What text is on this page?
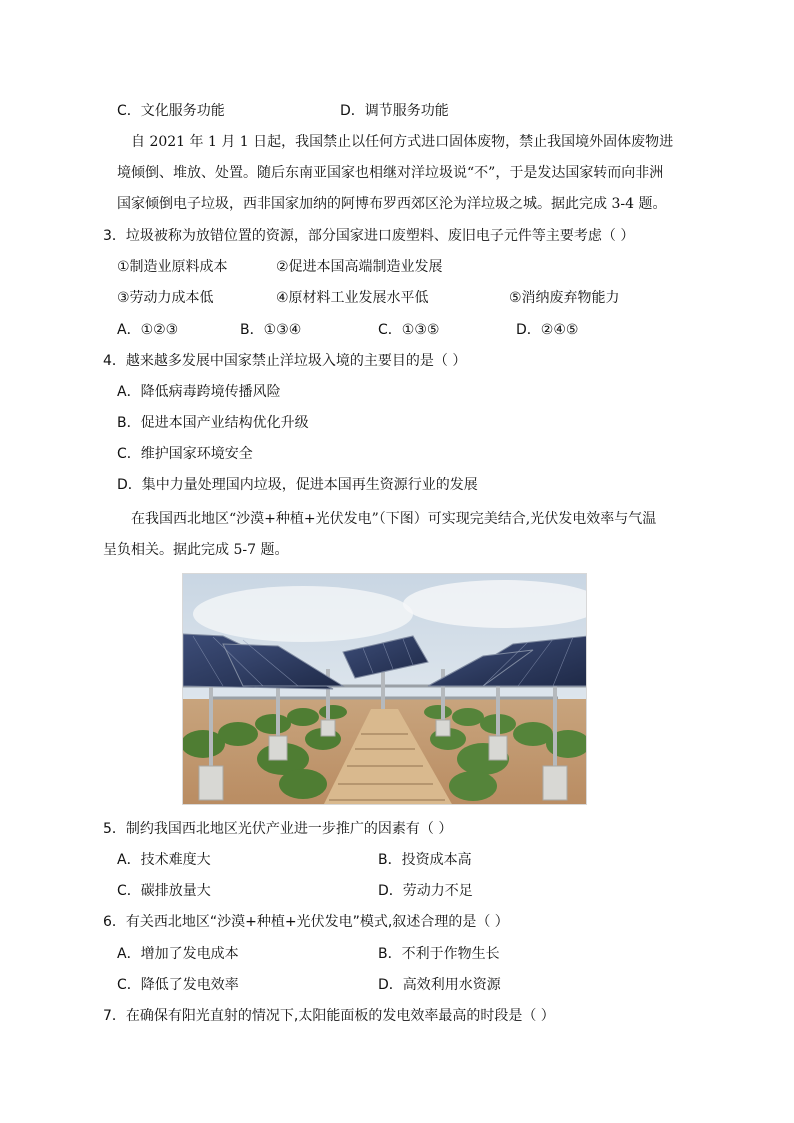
C．文化服务功能	D．调节服务功能
自 2021 年 1 月 1 日起，我国禁止以任何方式进口固体废物，禁止我国境外固体废物进
境倾倒、堆放、处置。随后东南亚国家也相继对洋垃圾说“不”，于是发达国家转而向非洲
国家倾倒电子垃圾，西非国家加纳的阿博布罗西郊区沦为洋垃圾之城。据此完成 3-4 题。
3．垃圾被称为放错位置的资源，部分国家进口废塑料、废旧电子元件等主要考虑（ ）
①制造业原料成本	②促进本国高端制造业发展
③劳动力成本低	④原材料工业发展水平低	⑤消纳废弃物能力
A．①②③	B．①③④	C．①③⑤	D．②④⑤
4．越来越多发展中国家禁止洋垃圾入境的主要目的是（ ）
A．降低病毒跨境传播风险
B．促进本国产业结构优化升级
C．维护国家环境安全
D．集中力量处理国内垃圾，促进本国再生资源行业的发展
在我国西北地区“沙漠+种植+光伏发电”（下图）可实现完美结合,光伏发电效率与气温
呈负相关。据此完成 5-7 题。
5．制约我国西北地区光伏产业进一步推广的因素有（ ）
A．技术难度大	B．投资成本高
C．碳排放量大	D．劳动力不足
6．有关西北地区“沙漠+种植+光伏发电”模式,叙述合理的是（ ）
A．增加了发电成本	B．不利于作物生长
C．降低了发电效率	D．高效利用水资源
7．在确保有阳光直射的情况下,太阳能面板的发电效率最高的时段是（ ）
